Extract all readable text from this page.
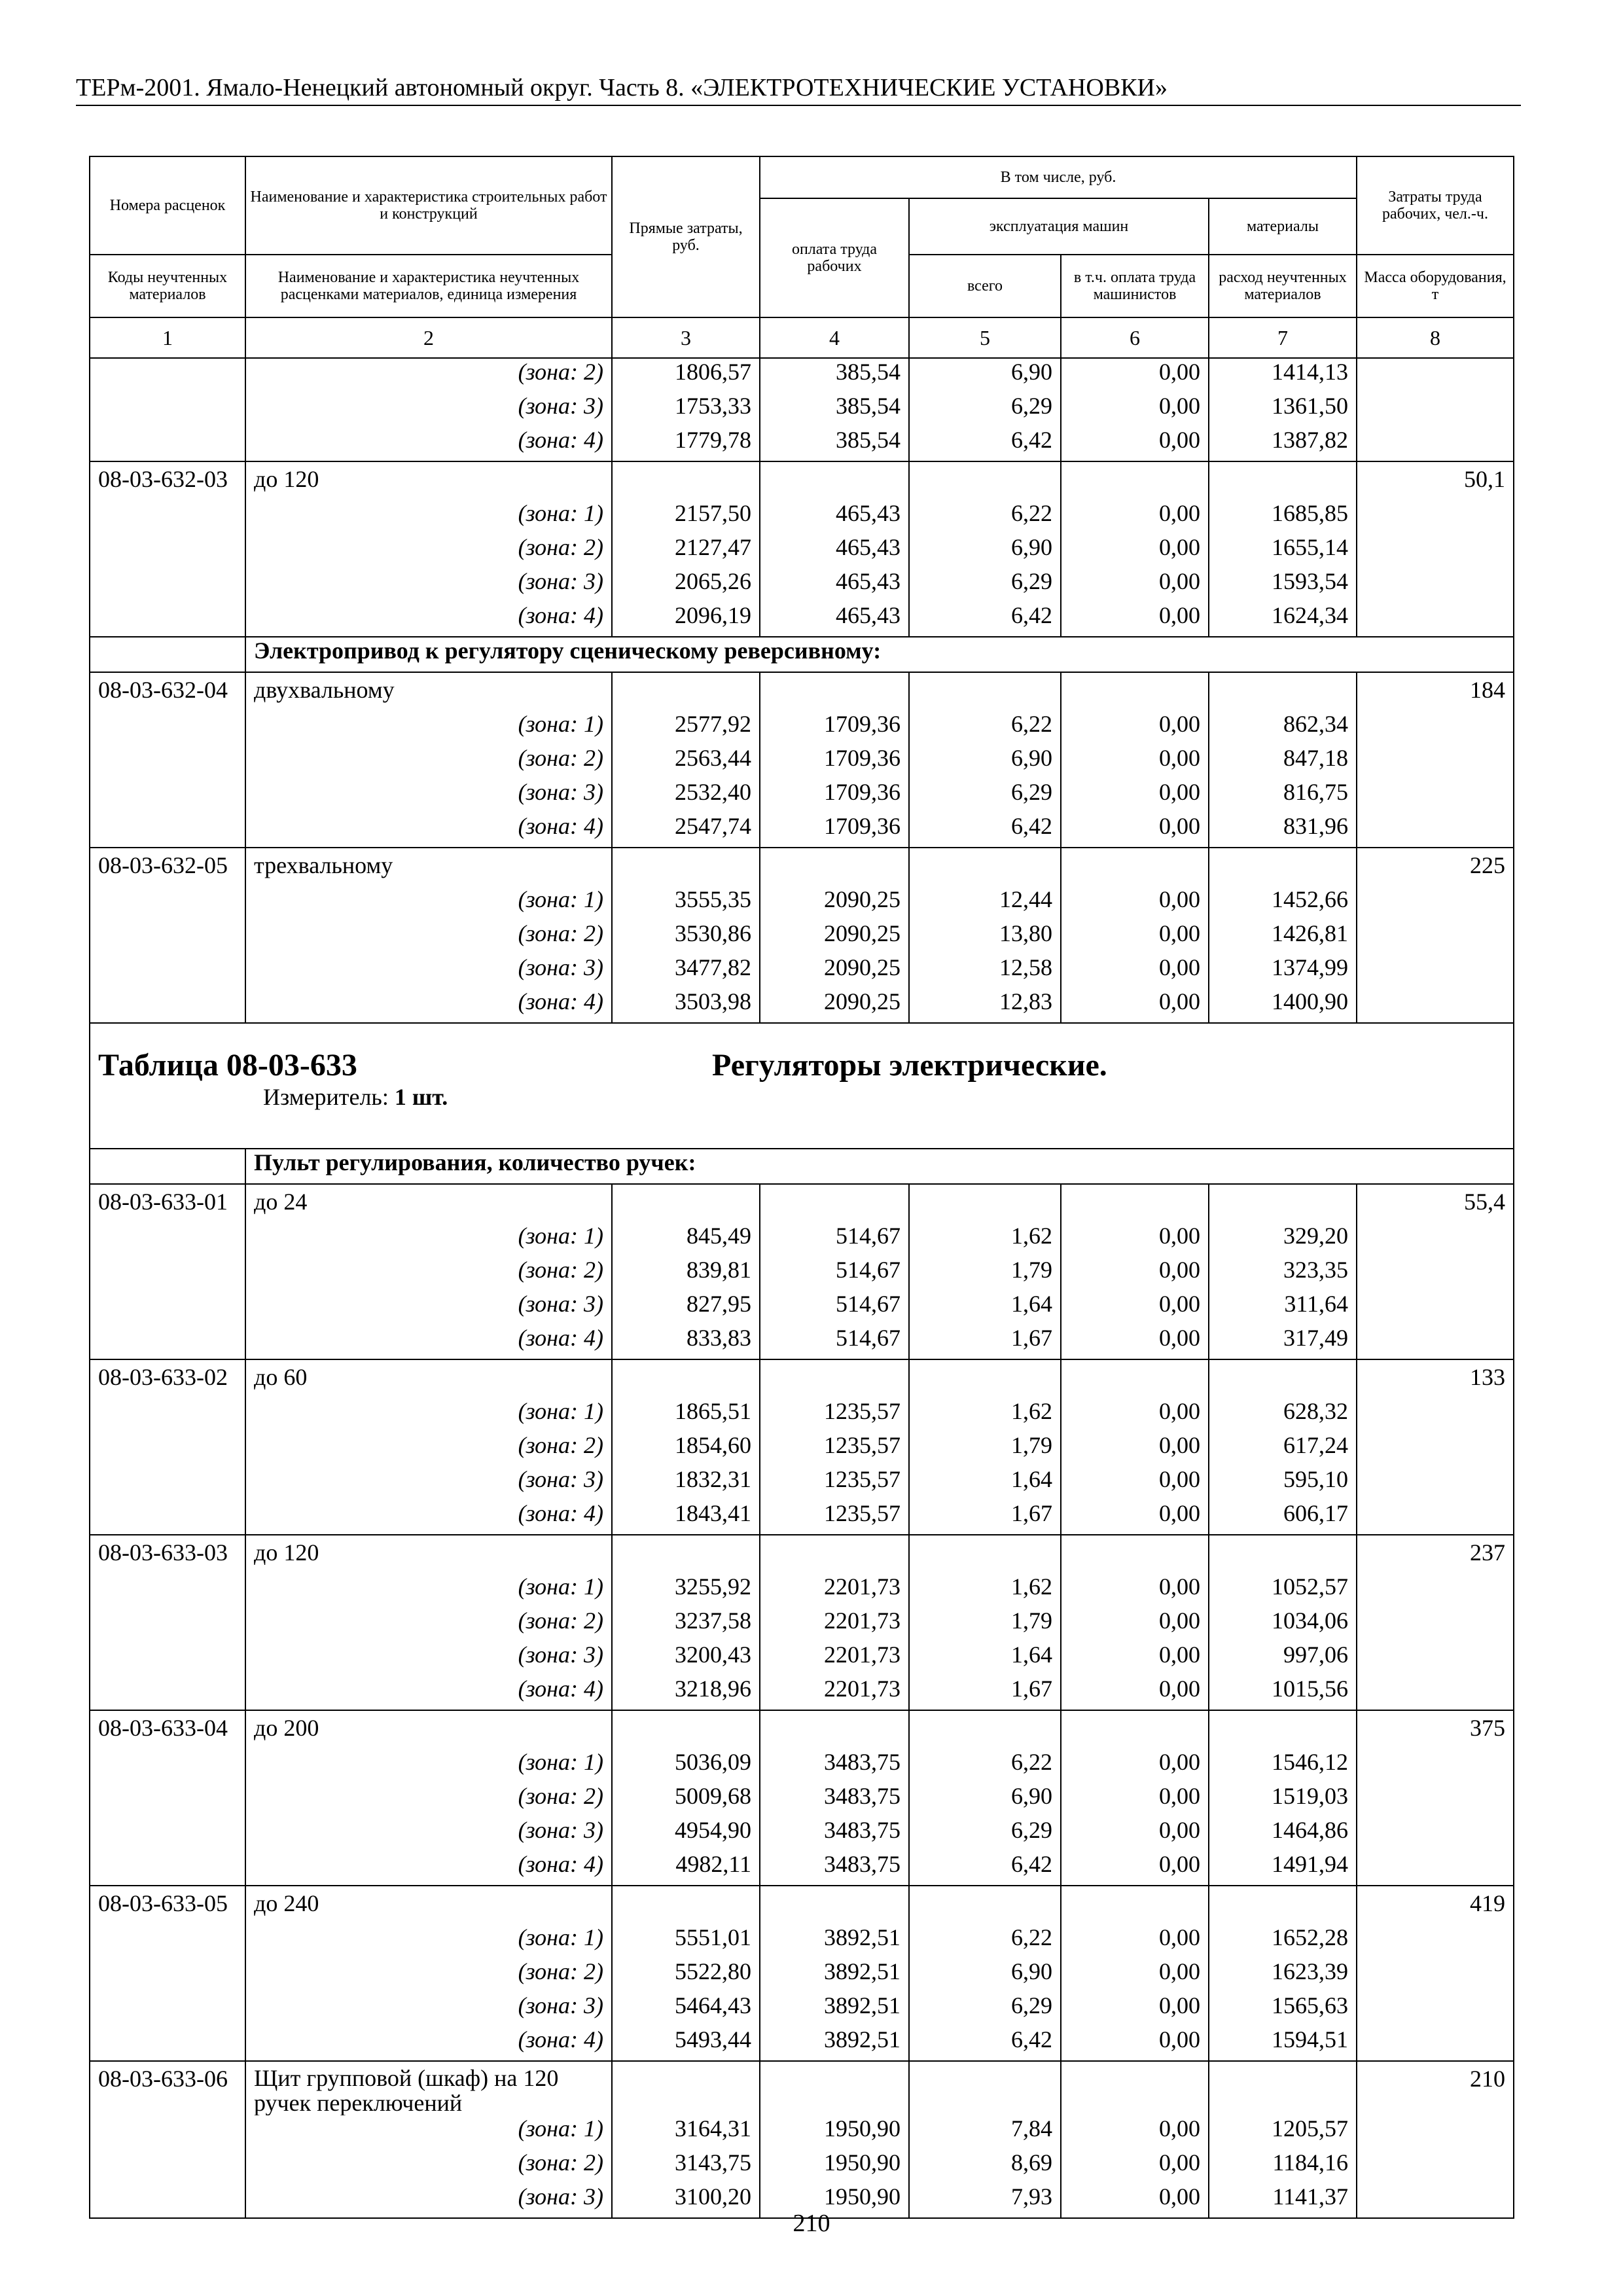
ТЕРм-2001. Ямало-Ненецкий автономный округ. Часть 8. «ЭЛЕКТРОТЕХНИЧЕСКИЕ УСТАНОВКИ»
Номера расценок	Наименование и характеристика строительных работ и конструкций	Прямые затраты, руб.	В том числе, руб.				Затраты труда рабочих, чел.-ч.
			оплата труда рабочих	эксплуатация машин		материалы	
Коды неучтенных материалов	Наименование и характеристика неучтенных расценками материалов, единица измерения			всего	в т.ч. оплата труда машинистов	расход неучтенных материалов	Масса оборудования, т
1	2	3	4	5	6	7	8
	(зона: 2)	1806,57	385,54	6,90	0,00	1414,13	
	(зона: 3)	1753,33	385,54	6,29	0,00	1361,50	
	(зона: 4)	1779,78	385,54	6,42	0,00	1387,82	
08-03-632-03	до 120						50,1
	(зона: 1)	2157,50	465,43	6,22	0,00	1685,85	
	(зона: 2)	2127,47	465,43	6,90	0,00	1655,14	
	(зона: 3)	2065,26	465,43	6,29	0,00	1593,54	
	(зона: 4)	2096,19	465,43	6,42	0,00	1624,34	
	Электропривод к регулятору сценическому реверсивному:						
08-03-632-04	двухвальному						184
	(зона: 1)	2577,92	1709,36	6,22	0,00	862,34	
	(зона: 2)	2563,44	1709,36	6,90	0,00	847,18	
	(зона: 3)	2532,40	1709,36	6,29	0,00	816,75	
	(зона: 4)	2547,74	1709,36	6,42	0,00	831,96	
08-03-632-05	трехвальному						225
	(зона: 1)	3555,35	2090,25	12,44	0,00	1452,66	
	(зона: 2)	3530,86	2090,25	13,80	0,00	1426,81	
	(зона: 3)	3477,82	2090,25	12,58	0,00	1374,99	
	(зона: 4)	3503,98	2090,25	12,83	0,00	1400,90	

Таблица 08-03-633 Регуляторы электрические.
Измеритель: 1 шт.							

	Пульт регулирования, количество ручек:						
08-03-633-01	до 24						55,4
	(зона: 1)	845,49	514,67	1,62	0,00	329,20	
	(зона: 2)	839,81	514,67	1,79	0,00	323,35	
	(зона: 3)	827,95	514,67	1,64	0,00	311,64	
	(зона: 4)	833,83	514,67	1,67	0,00	317,49	
08-03-633-02	до 60						133
	(зона: 1)	1865,51	1235,57	1,62	0,00	628,32	
	(зона: 2)	1854,60	1235,57	1,79	0,00	617,24	
	(зона: 3)	1832,31	1235,57	1,64	0,00	595,10	
	(зона: 4)	1843,41	1235,57	1,67	0,00	606,17	
08-03-633-03	до 120						237
	(зона: 1)	3255,92	2201,73	1,62	0,00	1052,57	
	(зона: 2)	3237,58	2201,73	1,79	0,00	1034,06	
	(зона: 3)	3200,43	2201,73	1,64	0,00	997,06	
	(зона: 4)	3218,96	2201,73	1,67	0,00	1015,56	
08-03-633-04	до 200						375
	(зона: 1)	5036,09	3483,75	6,22	0,00	1546,12	
	(зона: 2)	5009,68	3483,75	6,90	0,00	1519,03	
	(зона: 3)	4954,90	3483,75	6,29	0,00	1464,86	
	(зона: 4)	4982,11	3483,75	6,42	0,00	1491,94	
08-03-633-05	до 240						419
	(зона: 1)	5551,01	3892,51	6,22	0,00	1652,28	
	(зона: 2)	5522,80	3892,51	6,90	0,00	1623,39	
	(зона: 3)	5464,43	3892,51	6,29	0,00	1565,63	
	(зона: 4)	5493,44	3892,51	6,42	0,00	1594,51	
08-03-633-06	Щит групповой (шкаф) на 120 ручек переключений						210
	(зона: 1)	3164,31	1950,90	7,84	0,00	1205,57	
	(зона: 2)	3143,75	1950,90	8,69	0,00	1184,16	
	(зона: 3)	3100,20	1950,90	7,93	0,00	1141,37	
210
